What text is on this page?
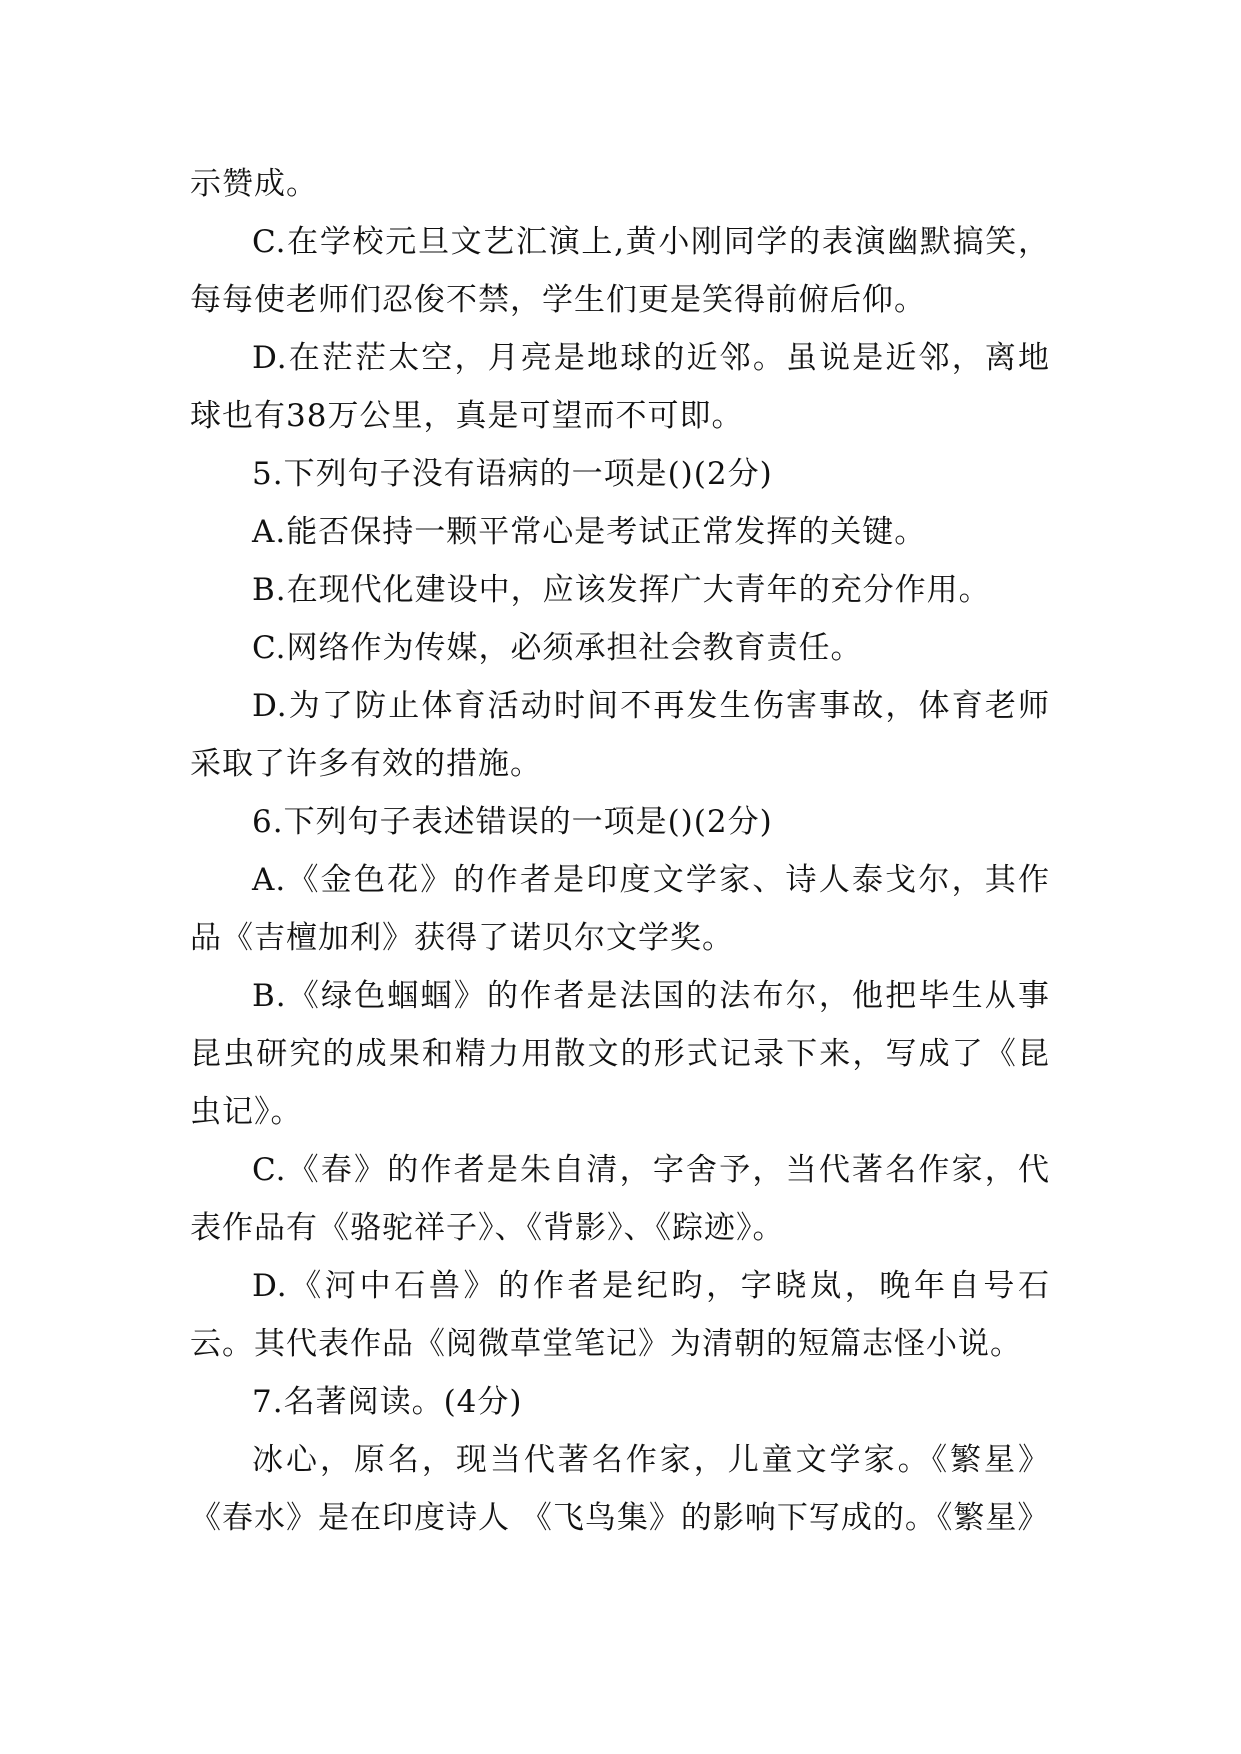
示赞成。

C.在学校元旦文艺汇演上,黄小刚同学的表演幽默搞笑，每每使老师们忍俊不禁，学生们更是笑得前俯后仰。

D.在茫茫太空，月亮是地球的近邻。虽说是近邻，离地球也有38万公里，真是可望而不可即。

5.下列句子没有语病的一项是()(2分)

A.能否保持一颗平常心是考试正常发挥的关键。

B.在现代化建设中，应该发挥广大青年的充分作用。

C.网络作为传媒，必须承担社会教育责任。

D.为了防止体育活动时间不再发生伤害事故，体育老师采取了许多有效的措施。

6.下列句子表述错误的一项是()(2分)

A.《金色花》的作者是印度文学家、诗人泰戈尔，其作品《吉檀加利》获得了诺贝尔文学奖。

B.《绿色蝈蝈》的作者是法国的法布尔，他把毕生从事昆虫研究的成果和精力用散文的形式记录下来，写成了《昆虫记》。

C.《春》的作者是朱自清，字舍予，当代著名作家，代表作品有《骆驼祥子》、《背影》、《踪迹》。

D.《河中石兽》的作者是纪昀，字晓岚，晚年自号石云。其代表作品《阅微草堂笔记》为清朝的短篇志怪小说。

7.名著阅读。(4分)

冰心，原名，现当代著名作家，儿童文学家。《繁星》《春水》是在印度诗人 《飞鸟集》的影响下写成的。《繁星》
